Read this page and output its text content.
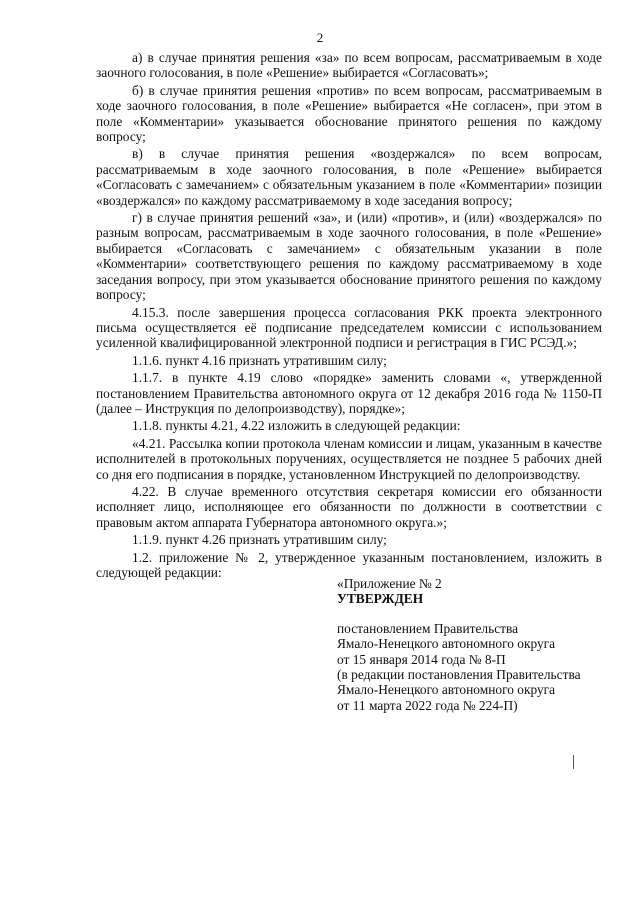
2

а) в случае принятия решения «за» по всем вопросам, рассматриваемым в ходе заочного голосования, в поле «Решение» выбирается «Согласовать»;

б) в случае принятия решения «против» по всем вопросам, рассматриваемым в ходе заочного голосования, в поле «Решение» выбирается «Не согласен», при этом в поле «Комментарии» указывается обоснование принятого решения по каждому вопросу;

в) в случае принятия решения «воздержался» по всем вопросам, рассматриваемым в ходе заочного голосования, в поле «Решение» выбирается «Согласовать с замечанием» с обязательным указанием в поле «Комментарии» позиции «воздержался» по каждому рассматриваемому в ходе заседания вопросу;

г) в случае принятия решений «за», и (или) «против», и (или) «воздержался» по разным вопросам, рассматриваемым в ходе заочного голосования, в поле «Решение» выбирается «Согласовать с замечанием» с обязательным указании в поле «Комментарии» соответствующего решения по каждому рассматриваемому в ходе заседания вопросу, при этом указывается обоснование принятого решения по каждому вопросу;

4.15.3. после завершения процесса согласования РКК проекта электронного письма осуществляется её подписание председателем комиссии с использованием усиленной квалифицированной электронной подписи и регистрация в ГИС РСЭД.»;

1.1.6. пункт 4.16 признать утратившим силу;

1.1.7. в пункте 4.19 слово «порядке» заменить словами «, утвержденной постановлением Правительства автономного округа от 12 декабря 2016 года № 1150-П (далее – Инструкция по делопроизводству), порядке»;

1.1.8. пункты 4.21, 4.22 изложить в следующей редакции:

«4.21. Рассылка копии протокола членам комиссии и лицам, указанным в качестве исполнителей в протокольных поручениях, осуществляется не позднее 5 рабочих дней со дня его подписания в порядке, установленном Инструкцией по делопроизводству.

4.22. В случае временного отсутствия секретаря комиссии его обязанности исполняет лицо, исполняющее его обязанности по должности в соответствии с правовым актом аппарата Губернатора автономного округа.»;

1.1.9. пункт 4.26 признать утратившим силу;

1.2. приложение № 2, утвержденное указанным постановлением, изложить в следующей редакции:

«Приложение № 2
УТВЕРЖДЕН
постановлением Правительства
Ямало-Ненецкого автономного округа
от 15 января 2014 года № 8-П
(в редакции постановления Правительства
Ямало-Ненецкого автономного округа
от 11 марта 2022 года № 224-П)
